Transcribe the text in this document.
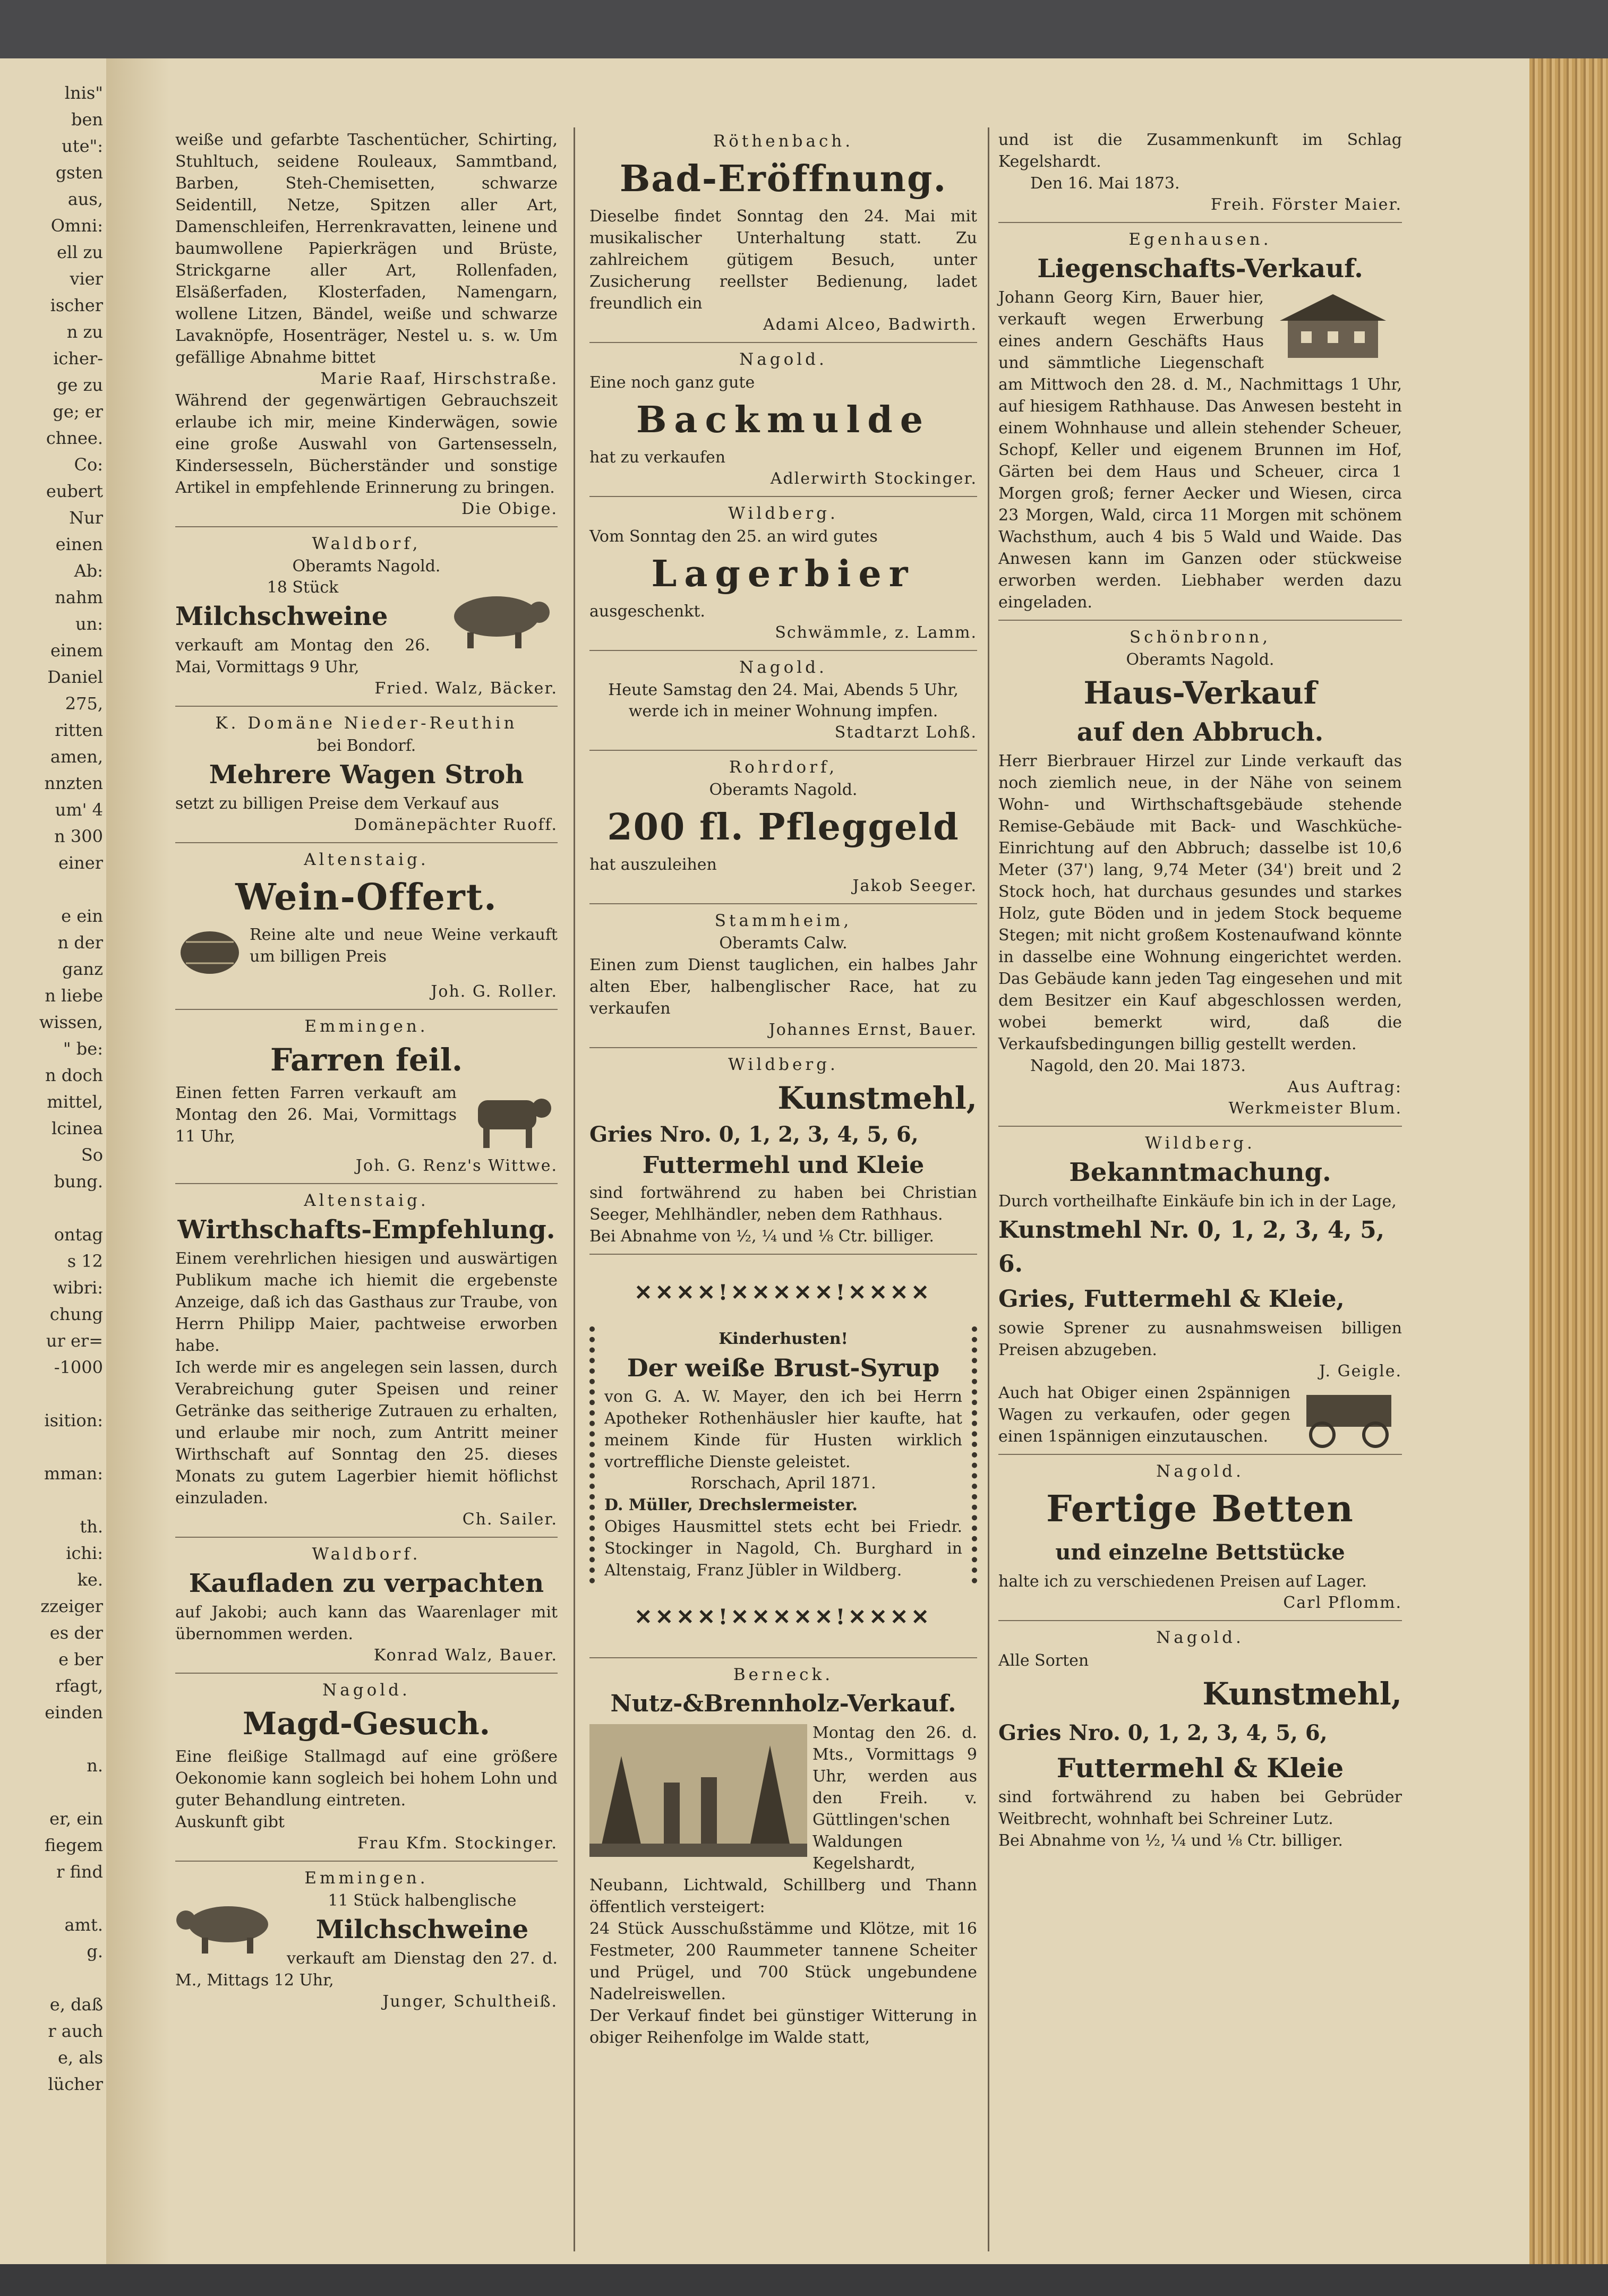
lnis"
ben
ute":
gsten
aus,
Omni:
ell zu
vier
ischer
n zu
icher-
ge zu
ge; er
chnee.
Co:
eubert
Nur
einen
Ab:
nahm
un:
einem
Daniel
275,
ritten
amen,
nnzten
um' 4
n 300
einer

e ein
n der
ganz
n liebe
wissen,
" be:
n doch
mittel,
lcinea
So
bung.

ontag
s 12
wibri:
chung
ur er=
-1000

isition:

mman:

th.
ichi:
ke.
zzeiger
es der
e ber
rfagt,
einden

n.

er, ein
fiegem
r find

amt.
g.

e, daß
r auch
e, als
lücher

weiße und gefarbte Taschentücher, Schirting, Stuhltuch, seidene Rouleaux, Sammtband, Barben, Steh-Chemisetten, schwarze Seidentill, Netze, Spitzen aller Art, Damenschleifen, Herrenkravatten, leinene und baumwollene Papierkrägen und Brüste, Strickgarne aller Art, Rollenfaden, Elsäßerfaden, Klosterfaden, Namengarn, wollene Litzen, Bändel, weiße und schwarze Lavaknöpfe, Hosenträger, Nestel u. s. w. Um gefällige Abnahme bittet

Marie Raaf, Hirschstraße.

Während der gegenwärtigen Gebrauchszeit erlaube ich mir, meine Kinderwägen, sowie eine große Auswahl von Gartensesseln, Kindersesseln, Bücherständer und sonstige Artikel in empfehlende Erinnerung zu bringen.

Die Obige.

Waldborf,

Oberamts Nagold.

18 Stück

Milchschweine

verkauft am Montag den 26. Mai, Vormittags 9 Uhr,

Fried. Walz, Bäcker.

K. Domäne Nieder-Reuthin

bei Bondorf.

Mehrere Wagen Stroh

setzt zu billigen Preise dem Verkauf aus

Domänepächter Ruoff.

Altenstaig.

Wein-Offert.

Reine alte und neue Weine verkauft um billigen Preis

Joh. G. Roller.

Emmingen.

Farren feil.

Einen fetten Farren verkauft am Montag den 26. Mai, Vormittags 11 Uhr,

Joh. G. Renz's Wittwe.

Altenstaig.

Wirthschafts-Empfehlung.

Einem verehrlichen hiesigen und auswärtigen Publikum mache ich hiemit die ergebenste Anzeige, daß ich das Gasthaus zur Traube, von Herrn Philipp Maier, pachtweise erworben habe.

Ich werde mir es angelegen sein lassen, durch Verabreichung guter Speisen und reiner Getränke das seitherige Zutrauen zu erhalten, und erlaube mir noch, zum Antritt meiner Wirthschaft auf Sonntag den 25. dieses Monats zu gutem Lagerbier hiemit höflichst einzuladen.

Ch. Sailer.

Waldborf.

Kaufladen zu verpachten

auf Jakobi; auch kann das Waarenlager mit übernommen werden.

Konrad Walz, Bauer.

Nagold.

Magd-Gesuch.

Eine fleißige Stallmagd auf eine größere Oekonomie kann sogleich bei hohem Lohn und guter Behandlung eintreten.

Auskunft gibt

Frau Kfm. Stockinger.

Emmingen.

11 Stück halbenglische

Milchschweine

verkauft am Dienstag den 27. d. M., Mittags 12 Uhr,

Junger, Schultheiß.

Röthenbach.

Bad-Eröffnung.

Dieselbe findet Sonntag den 24. Mai mit musikalischer Unterhaltung statt. Zu zahlreichem gütigem Besuch, unter Zusicherung reellster Bedienung, ladet freundlich ein

Adami Alceo, Badwirth.

Nagold.

Eine noch ganz gute

Backmulde

hat zu verkaufen

Adlerwirth Stockinger.

Wildberg.

Vom Sonntag den 25. an wird gutes

Lagerbier

ausgeschenkt.

Schwämmle, z. Lamm.

Nagold.

Heute Samstag den 24. Mai, Abends 5 Uhr, werde ich in meiner Wohnung impfen.

Stadtarzt Lohß.

Rohrdorf,

Oberamts Nagold.

200 fl. Pfleggeld

hat auszuleihen

Jakob Seeger.

Stammheim,

Oberamts Calw.

Einen zum Dienst tauglichen, ein halbes Jahr alten Eber, halbenglischer Race, hat zu verkaufen

Johannes Ernst, Bauer.

Wildberg.

Kunstmehl,

Gries Nro. 0, 1, 2, 3, 4, 5, 6,

Futtermehl und Kleie

sind fortwährend zu haben bei Christian Seeger, Mehlhändler, neben dem Rathhaus.

Bei Abnahme von ½, ¼ und ⅛ Ctr. billiger.

✕✕✕✕!✕✕✕✕✕!✕✕✕✕

Kinderhusten!

Der weiße Brust-Syrup

von G. A. W. Mayer, den ich bei Herrn Apotheker Rothenhäusler hier kaufte, hat meinem Kinde für Husten wirklich vortreffliche Dienste geleistet.

Rorschach, April 1871.

D. Müller, Drechslermeister.

Obiges Hausmittel stets echt bei Friedr. Stockinger in Nagold, Ch. Burghard in Altenstaig, Franz Jübler in Wildberg.

✕✕✕✕!✕✕✕✕✕!✕✕✕✕

Berneck.

Nutz-&Brennholz-Verkauf.

Montag den 26. d. Mts., Vormittags 9 Uhr, werden aus den Freih. v. Güttlingen'schen Waldungen Kegelshardt, Neubann, Lichtwald, Schillberg und Thann öffentlich versteigert:

24 Stück Ausschußstämme und Klötze, mit 16 Festmeter, 200 Raummeter tannene Scheiter und Prügel, und 700 Stück ungebundene Nadelreiswellen.

Der Verkauf findet bei günstiger Witterung in obiger Reihenfolge im Walde statt,

und ist die Zusammenkunft im Schlag Kegelshardt.

Den 16. Mai 1873.

Freih. Förster Maier.

Egenhausen.

Liegenschafts-Verkauf.

Johann Georg Kirn, Bauer hier, verkauft wegen Erwerbung eines andern Geschäfts Haus und sämmtliche Liegenschaft am Mittwoch den 28. d. M., Nachmittags 1 Uhr, auf hiesigem Rathhause. Das Anwesen besteht in einem Wohnhause und allein stehender Scheuer, Schopf, Keller und eigenem Brunnen im Hof, Gärten bei dem Haus und Scheuer, circa 1 Morgen groß; ferner Aecker und Wiesen, circa 23 Morgen, Wald, circa 11 Morgen mit schönem Wachsthum, auch 4 bis 5 Wald und Waide. Das Anwesen kann im Ganzen oder stückweise erworben werden. Liebhaber werden dazu eingeladen.

Schönbronn,

Oberamts Nagold.

Haus-Verkauf

auf den Abbruch.

Herr Bierbrauer Hirzel zur Linde verkauft das noch ziemlich neue, in der Nähe von seinem Wohn- und Wirthschaftsgebäude stehende Remise-Gebäude mit Back- und Waschküche-Einrichtung auf den Abbruch; dasselbe ist 10,6 Meter (37') lang, 9,74 Meter (34') breit und 2 Stock hoch, hat durchaus gesundes und starkes Holz, gute Böden und in jedem Stock bequeme Stegen; mit nicht großem Kostenaufwand könnte in dasselbe eine Wohnung eingerichtet werden. Das Gebäude kann jeden Tag eingesehen und mit dem Besitzer ein Kauf abgeschlossen werden, wobei bemerkt wird, daß die Verkaufsbedingungen billig gestellt werden.

Nagold, den 20. Mai 1873.

Aus Auftrag:

Werkmeister Blum.

Wildberg.

Bekanntmachung.

Durch vortheilhafte Einkäufe bin ich in der Lage,

Kunstmehl Nr. 0, 1, 2, 3, 4, 5, 6.

Gries, Futtermehl & Kleie,

sowie Sprener zu ausnahmsweisen billigen Preisen abzugeben.

J. Geigle.

Auch hat Obiger einen 2spännigen Wagen zu verkaufen, oder gegen einen 1spännigen einzutauschen.

Nagold.

Fertige Betten

und einzelne Bettstücke

halte ich zu verschiedenen Preisen auf Lager.

Carl Pflomm.

Nagold.

Alle Sorten

Kunstmehl,

Gries Nro. 0, 1, 2, 3, 4, 5, 6,

Futtermehl & Kleie

sind fortwährend zu haben bei Gebrüder Weitbrecht, wohnhaft bei Schreiner Lutz.

Bei Abnahme von ½, ¼ und ⅛ Ctr. billiger.
